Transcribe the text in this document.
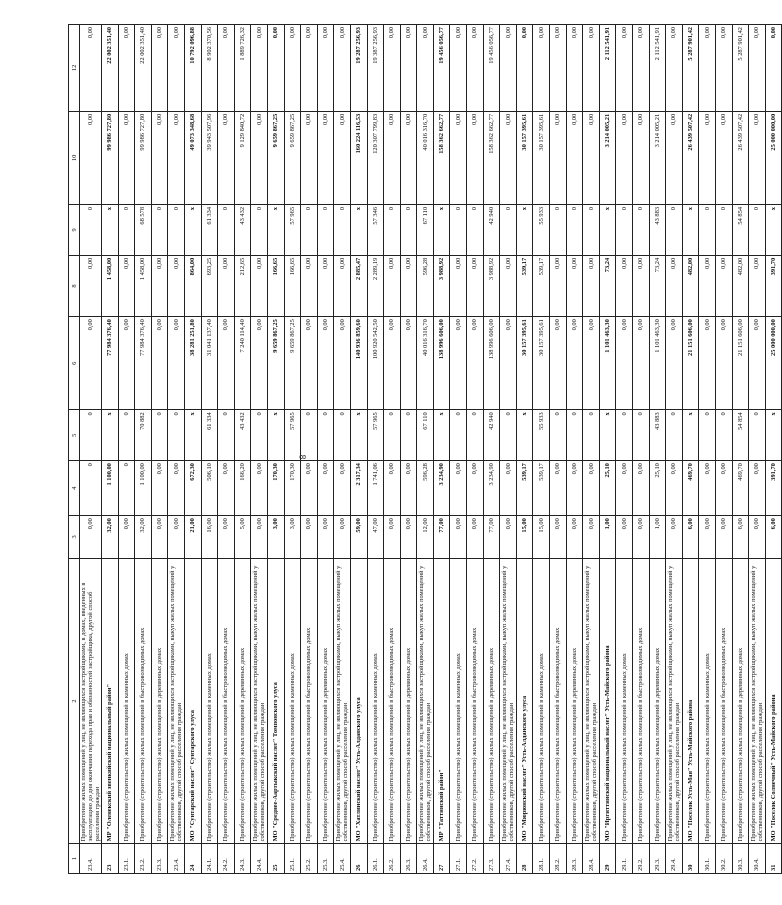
8
1	2	3	4	5	6	8	9	10	12
23.4.	Приобретение жилых помещений у лиц, не являющихся застройщиками, в домах, введенных в эксплуатацию до дня окончания перехода прав и обязанностей застройщика, другой способ расселения граждан	0,00	0	0	0,00	0,00	0	0,00	0,00
23	МР "Оленекский эвенкийский национальный район"	32,00	1 100,00	x	77 984 376,40	1 458,00	x	99 986 727,80	22 002 351,40
23.1.	Приобретение (строительство) жилых помещений в каменных домах	0,00	0	0	0,00	0,00	0	0,00	0,00
23.2.	Приобретение (строительство) жилых помещений в быстровозводимых домах	32,00	1 100,00	70 882	77 984 376,40	1 458,00	68 578	99 986 727,80	22 002 351,40
23.3.	Приобретение (строительство) жилых помещений в деревянных домах	0,00	0,00	0	0,00	0,00	0	0,00	0,00
23.4.	Приобретение жилых помещений у лиц, не являющихся застройщиками, выкуп жилых помещений у собственников, другой способ расселения граждан	0,00	0,00	0	0,00	0,00	0	0,00	0,00
24	МО "Сунтарский наслег" Сунтарского улуса	21,00	672,30	x	38 281 251,80	864,00	x	49 073 348,68	10 792 096,88
24.1.	Приобретение (строительство) жилых помещений в каменных домах	16,00	506,10	61 334	31 041 137,40	693,25	61 334	39 943 507,96	8 902 370,56
24.2.	Приобретение (строительство) жилых помещений в быстровозводимых домах	0,00	0,00	0	0,00	0,00	0	0,00	0,00
24.3.	Приобретение (строительство) жилых помещений в деревянных домах	5,00	166,20	43 432	7 240 114,40	212,65	43 432	9 129 840,72	1 889 726,32
24.4.	Приобретение жилых помещений у лиц, не являющихся застройщиками, выкуп жилых помещений у собственников, другой способ расселения граждан	0,00	0,00	0	0,00	0,00	0	0,00	0,00
25	МО "Среднее-Аартыкский наслег" Томпонского улуса	3,00	170,30	x	9 659 867,25	166,65	x	9 659 867,25	0,00
25.1.	Приобретение (строительство) жилых помещений в каменных домах	3,00	170,30	57 965	9 659 867,25	166,65	57 965	9 659 867,25	0,00
25.2.	Приобретение (строительство) жилых помещений в быстровозводимых домах	0,00	0,00	0	0,00	0,00	0	0,00	0,00
25.3.	Приобретение (строительство) жилых помещений в деревянных домах	0,00	0,00	0	0,00	0,00	0	0,00	0,00
25.4.	Приобретение жилых помещений у лиц, не являющихся застройщиками, выкуп жилых помещений у собственников, другой способ расселения граждан	0,00	0,00	0	0,00	0,00	0	0,00	0,00
26	МО "Хатлинский наслег" Усть-Алданского улуса	59,00	2 317,34	x	140 936 859,60	2 885,47	x	160 224 116,53	19 287 256,93
26.1.	Приобретение (строительство) жилых помещений в каменных домах	47,00	1 741,06	57 965	100 920 542,50	2 289,19	57 346	120 307 799,83	19 387 256,93
26.2.	Приобретение (строительство) жилых помещений в быстровозводимых домах	0,00	0,00	0	0,00	0,00	0	0,00	0,00
26.3.	Приобретение (строительство) жилых помещений в деревянных домах	0,00	0,00	0	0,00	0,00	0	0,00	0,00
26.4.	Приобретение жилых помещений у лиц, не являющихся застройщиками, выкуп жилых помещений у собственников, другой способ расселения граждан	12,00	596,28	67 110	40 016 316,70	596,28	67 110	40 016 316,70	0,00
27	МР "Таттинский район"	77,00	3 234,90	x	138 996 606,00	3 988,92	x	158 362 662,77	19 456 056,77
27.1.	Приобретение (строительство) жилых помещений в каменных домах	0,00	0,00	0	0,00	0,00	0	0,00	0,00
27.2.	Приобретение (строительство) жилых помещений в быстровозводимых домах	0,00	0,00	0	0,00	0,00	0	0,00	0,00
27.3.	Приобретение (строительство) жилых помещений в деревянных домах	77,00	3 234,90	42 940	138 996 606,00	3 988,92	42 940	158 362 662,77	19 456 056,77
27.4.	Приобретение жилых помещений у лиц, не являющихся застройщиками, выкуп жилых помещений у собственников, другой способ расселения граждан	0,00	0,00	0	0,00	0,00	0	0,00	0,00
28	МО "Мюрюнский наслег" Усть-Алданского улуса	15,00	539,17	x	30 157 395,61	539,17	x	30 157 395,61	0,00
28.1.	Приобретение (строительство) жилых помещений в каменных домах	15,00	539,17	55 933	30 157 395,61	539,17	55 933	30 157 395,61	0,00
28.2.	Приобретение (строительство) жилых помещений в быстровозводимых домах	0,00	0,00	0	0,00	0,00	0	0,00	0,00
28.3.	Приобретение (строительство) жилых помещений в деревянных домах	0,00	0,00	0	0,00	0,00	0	0,00	0,00
28.4.	Приобретение жилых помещений у лиц, не являющихся застройщиками, выкуп жилых помещений у собственников, другой способ расселения граждан	0,00	0,00	0	0,00	0,00	0	0,00	0,00
29	МО "Иргиттинский национальный наслег" Усть-Майского района	1,00	25,10	x	1 101 463,30	73,24	x	3 214 005,21	2 112 541,91
29.1.	Приобретение (строительство) жилых помещений в каменных домах	0,00	0,00	0	0,00	0,00	0	0,00	0,00
29.2.	Приобретение (строительство) жилых помещений в быстровозводимых домах	0,00	0,00	0	0,00	0,00	0	0,00	0,00
29.3.	Приобретение (строительство) жилых помещений в деревянных домах	1,00	25,10	43 883	1 101 463,30	73,24	43 883	3 214 005,21	2 112 541,91
29.4.	Приобретение жилых помещений у лиц, не являющихся застройщиками, выкуп жилых помещений у собственников, другой способ расселения граждан	0,00	0,00	0	0,00	0,00	0	0,00	0,00
30	МО "Поселок Усть-Мая" Усть-Майского района	6,00	469,70	x	21 151 606,00	482,00	x	26 439 507,42	5 287 901,42
30.1.	Приобретение (строительство) жилых помещений в каменных домах	0,00	0,00	0	0,00	0,00	0	0,00	0,00
30.2.	Приобретение (строительство) жилых помещений в быстровозводимых домах	0,00	0,00	0	0,00	0,00	0	0,00	0,00
30.3.	Приобретение (строительство) жилых помещений в деревянных домах	6,00	469,70	54 854	21 151 606,00	482,00	54 854	26 439 507,42	5 287 901,42
30.4.	Приобретение жилых помещений у лиц, не являющихся застройщиками, выкуп жилых помещений у собственников, другой способ расселения граждан	0,00	0,00	0	0,00	0,00	0	0,00	0,00
31	МО "Поселок Солнечный" Усть-Майского района	6,00	391,70	x	25 000 000,00	391,70	x	25 000 000,00	0,00
